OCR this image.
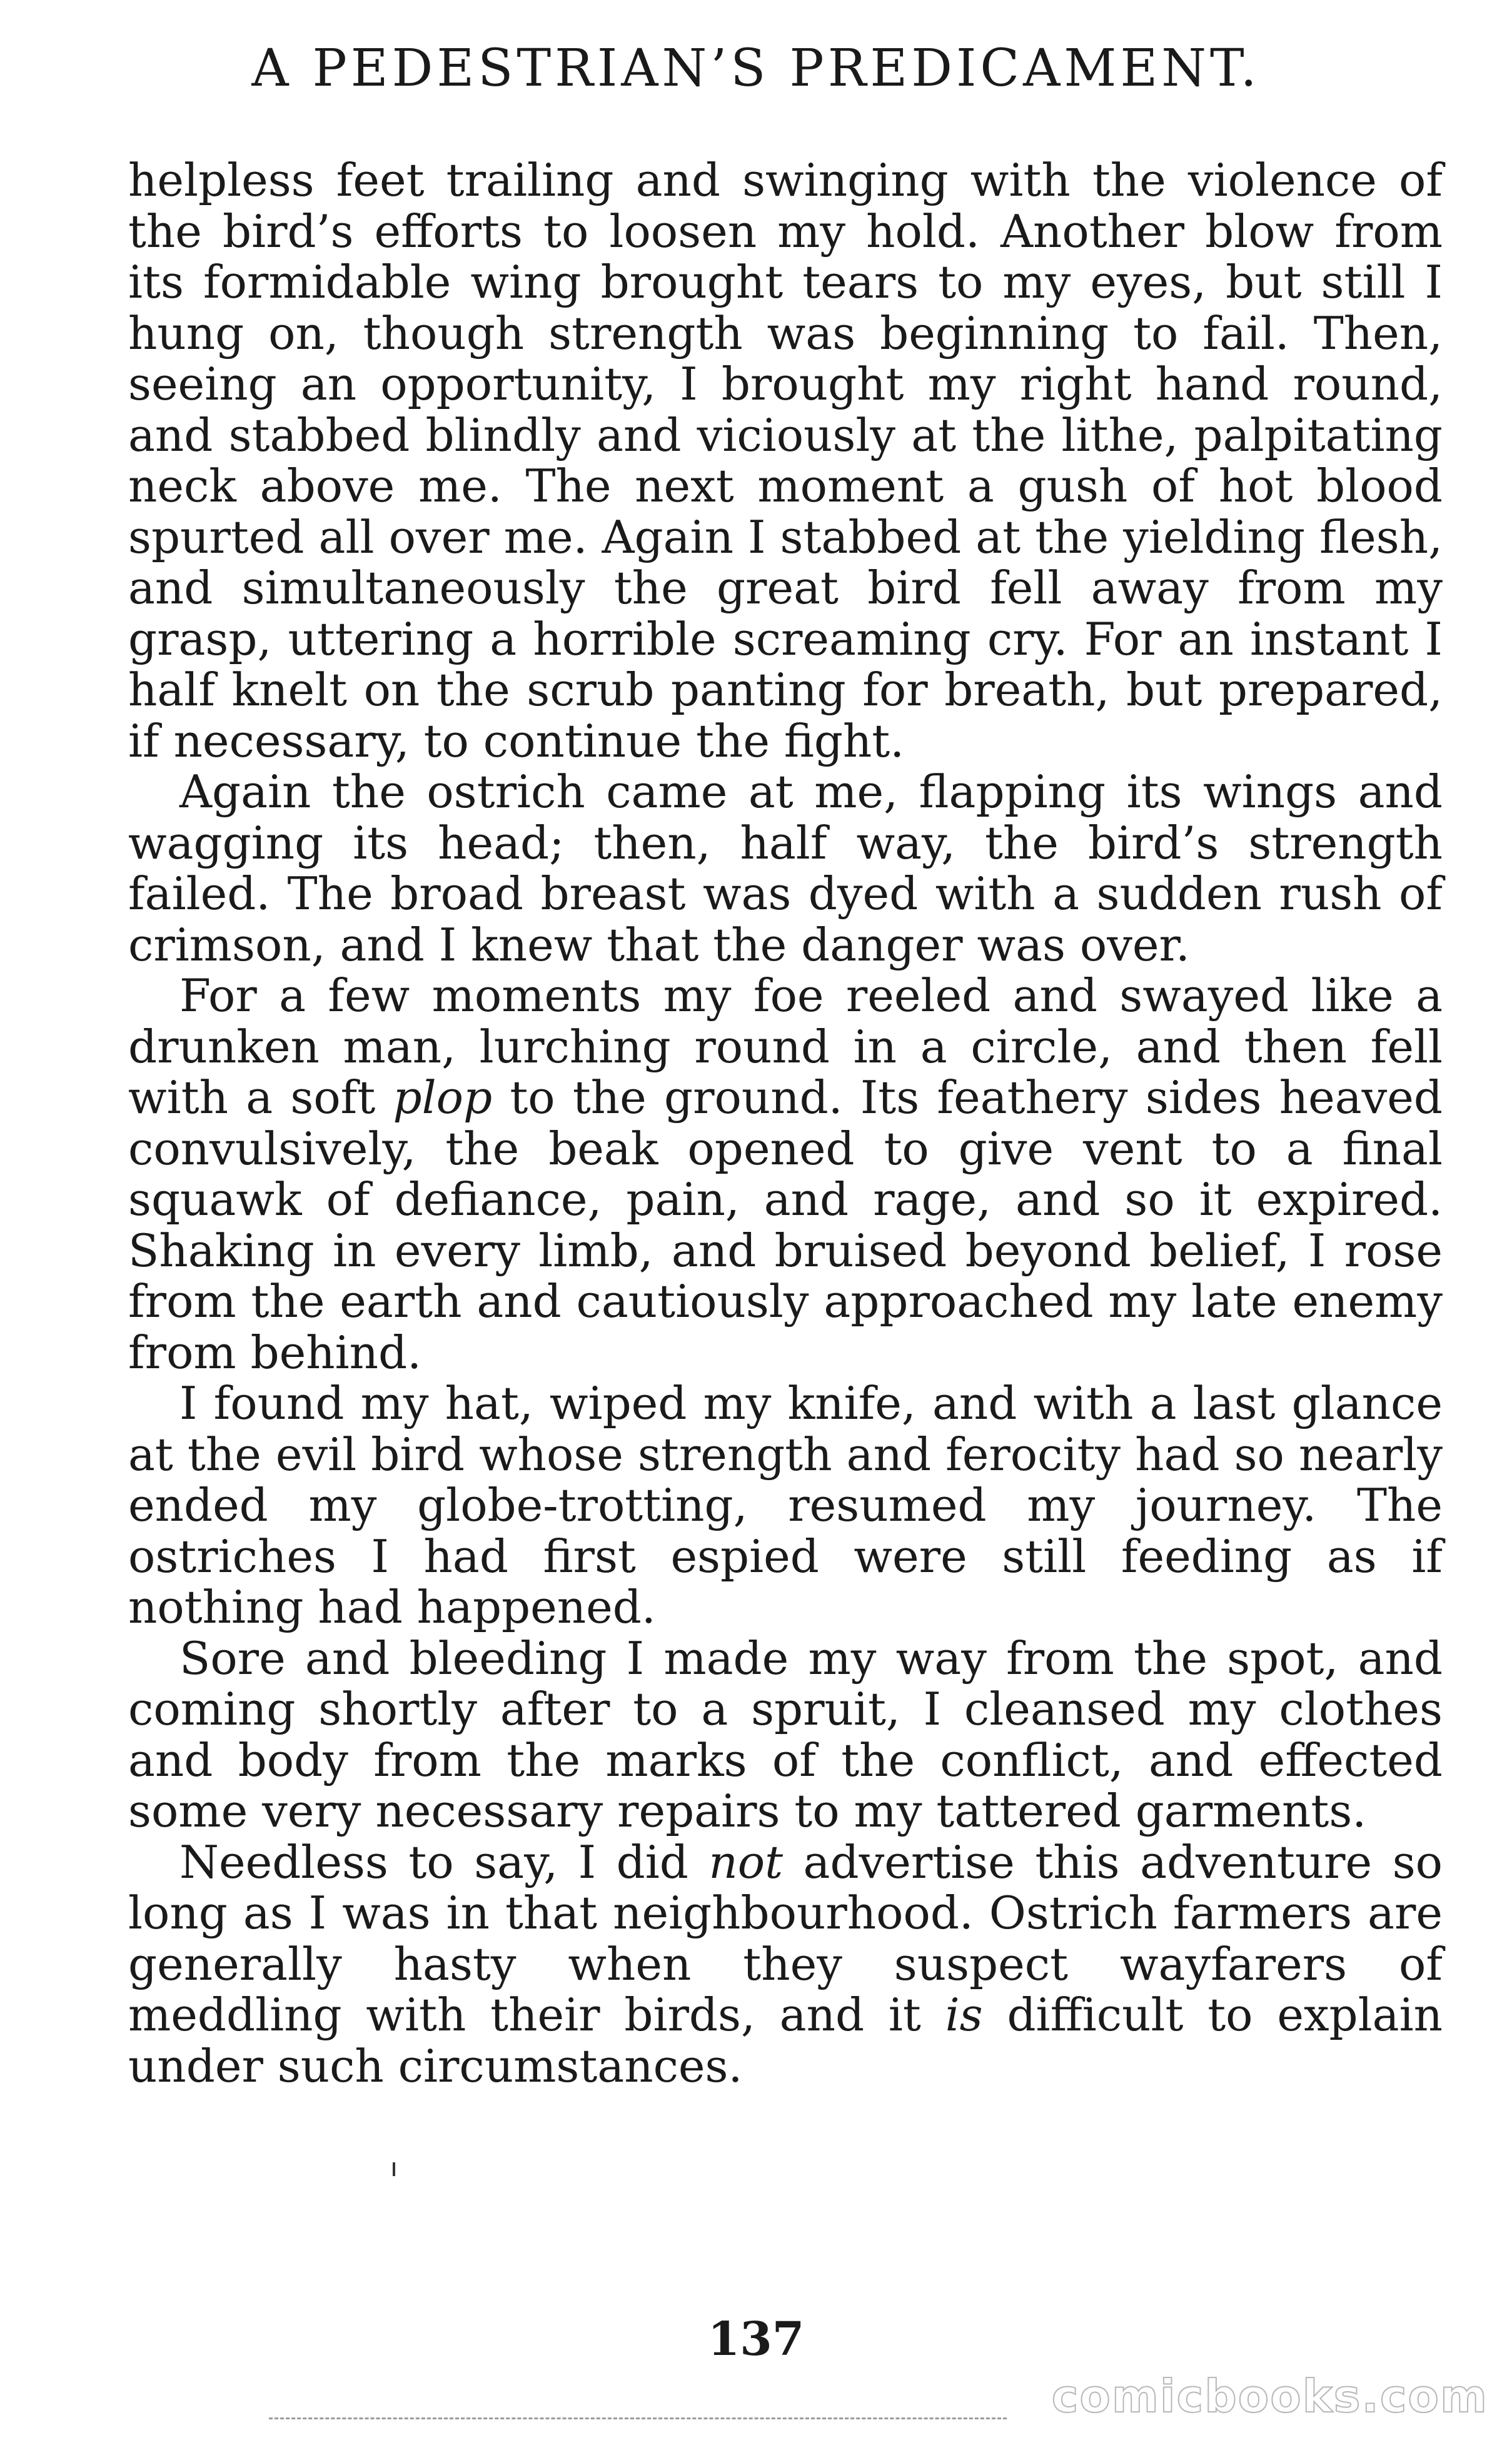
A PEDESTRIAN’S PREDICAMENT.

helpless feet trailing and swinging with the violence of the bird’s efforts to loosen my hold. Another blow from its formidable wing brought tears to my eyes, but still I hung on, though strength was beginning to fail. Then, seeing an opportunity, I brought my right hand round, and stabbed blindly and viciously at the lithe, palpitating neck above me. The next moment a gush of hot blood spurted all over me. Again I stabbed at the yielding flesh, and simultaneously the great bird fell away from my grasp, uttering a horrible screaming cry. For an instant I half knelt on the scrub panting for breath, but prepared, if necessary, to continue the fight.

Again the ostrich came at me, flapping its wings and wagging its head; then, half way, the bird’s strength failed. The broad breast was dyed with a sudden rush of crimson, and I knew that the danger was over.

For a few moments my foe reeled and swayed like a drunken man, lurching round in a circle, and then fell with a soft plop to the ground. Its feathery sides heaved convulsively, the beak opened to give vent to a final squawk of defiance, pain, and rage, and so it expired. Shaking in every limb, and bruised beyond belief, I rose from the earth and cautiously approached my late enemy from behind.

I found my hat, wiped my knife, and with a last glance at the evil bird whose strength and ferocity had so nearly ended my globe-trotting, resumed my journey. The ostriches I had first espied were still feeding as if nothing had happened.

Sore and bleeding I made my way from the spot, and coming shortly after to a spruit, I cleansed my clothes and body from the marks of the conflict, and effected some very necessary repairs to my tattered garments.

Needless to say, I did not advertise this adventure so long as I was in that neighbourhood. Ostrich farmers are generally hasty when they suspect wayfarers of meddling with their birds, and it is difficult to explain under such circumstances.

137
comicbooks.com
